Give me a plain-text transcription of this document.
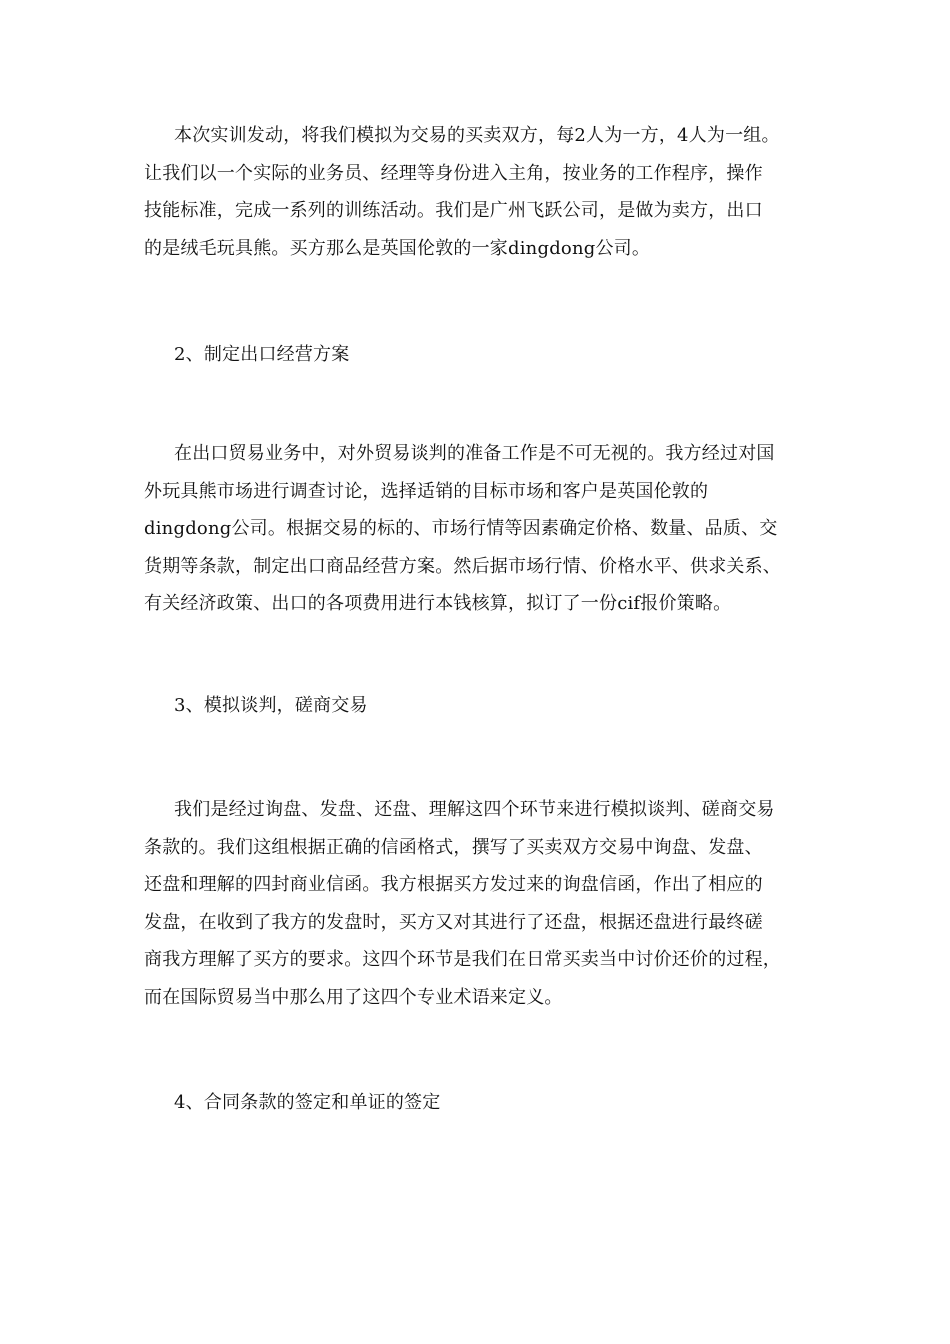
本次实训发动，将我们模拟为交易的买卖双方，每2人为一方，4人为一组。
让我们以一个实际的业务员、经理等身份进入主角，按业务的工作程序，操作
技能标准，完成一系列的训练活动。我们是广州飞跃公司，是做为卖方，出口
的是绒毛玩具熊。买方那么是英国伦敦的一家dingdong公司。
2、制定出口经营方案
在出口贸易业务中，对外贸易谈判的准备工作是不可无视的。我方经过对国
外玩具熊市场进行调查讨论，选择适销的目标市场和客户是英国伦敦的
dingdong公司。根据交易的标的、市场行情等因素确定价格、数量、品质、交
货期等条款，制定出口商品经营方案。然后据市场行情、价格水平、供求关系、
有关经济政策、出口的各项费用进行本钱核算，拟订了一份cif报价策略。
3、模拟谈判，磋商交易
我们是经过询盘、发盘、还盘、理解这四个环节来进行模拟谈判、磋商交易
条款的。我们这组根据正确的信函格式，撰写了买卖双方交易中询盘、发盘、
还盘和理解的四封商业信函。我方根据买方发过来的询盘信函，作出了相应的
发盘，在收到了我方的发盘时，买方又对其进行了还盘，根据还盘进行最终磋
商我方理解了买方的要求。这四个环节是我们在日常买卖当中讨价还价的过程，
而在国际贸易当中那么用了这四个专业术语来定义。
4、合同条款的签定和单证的签定
